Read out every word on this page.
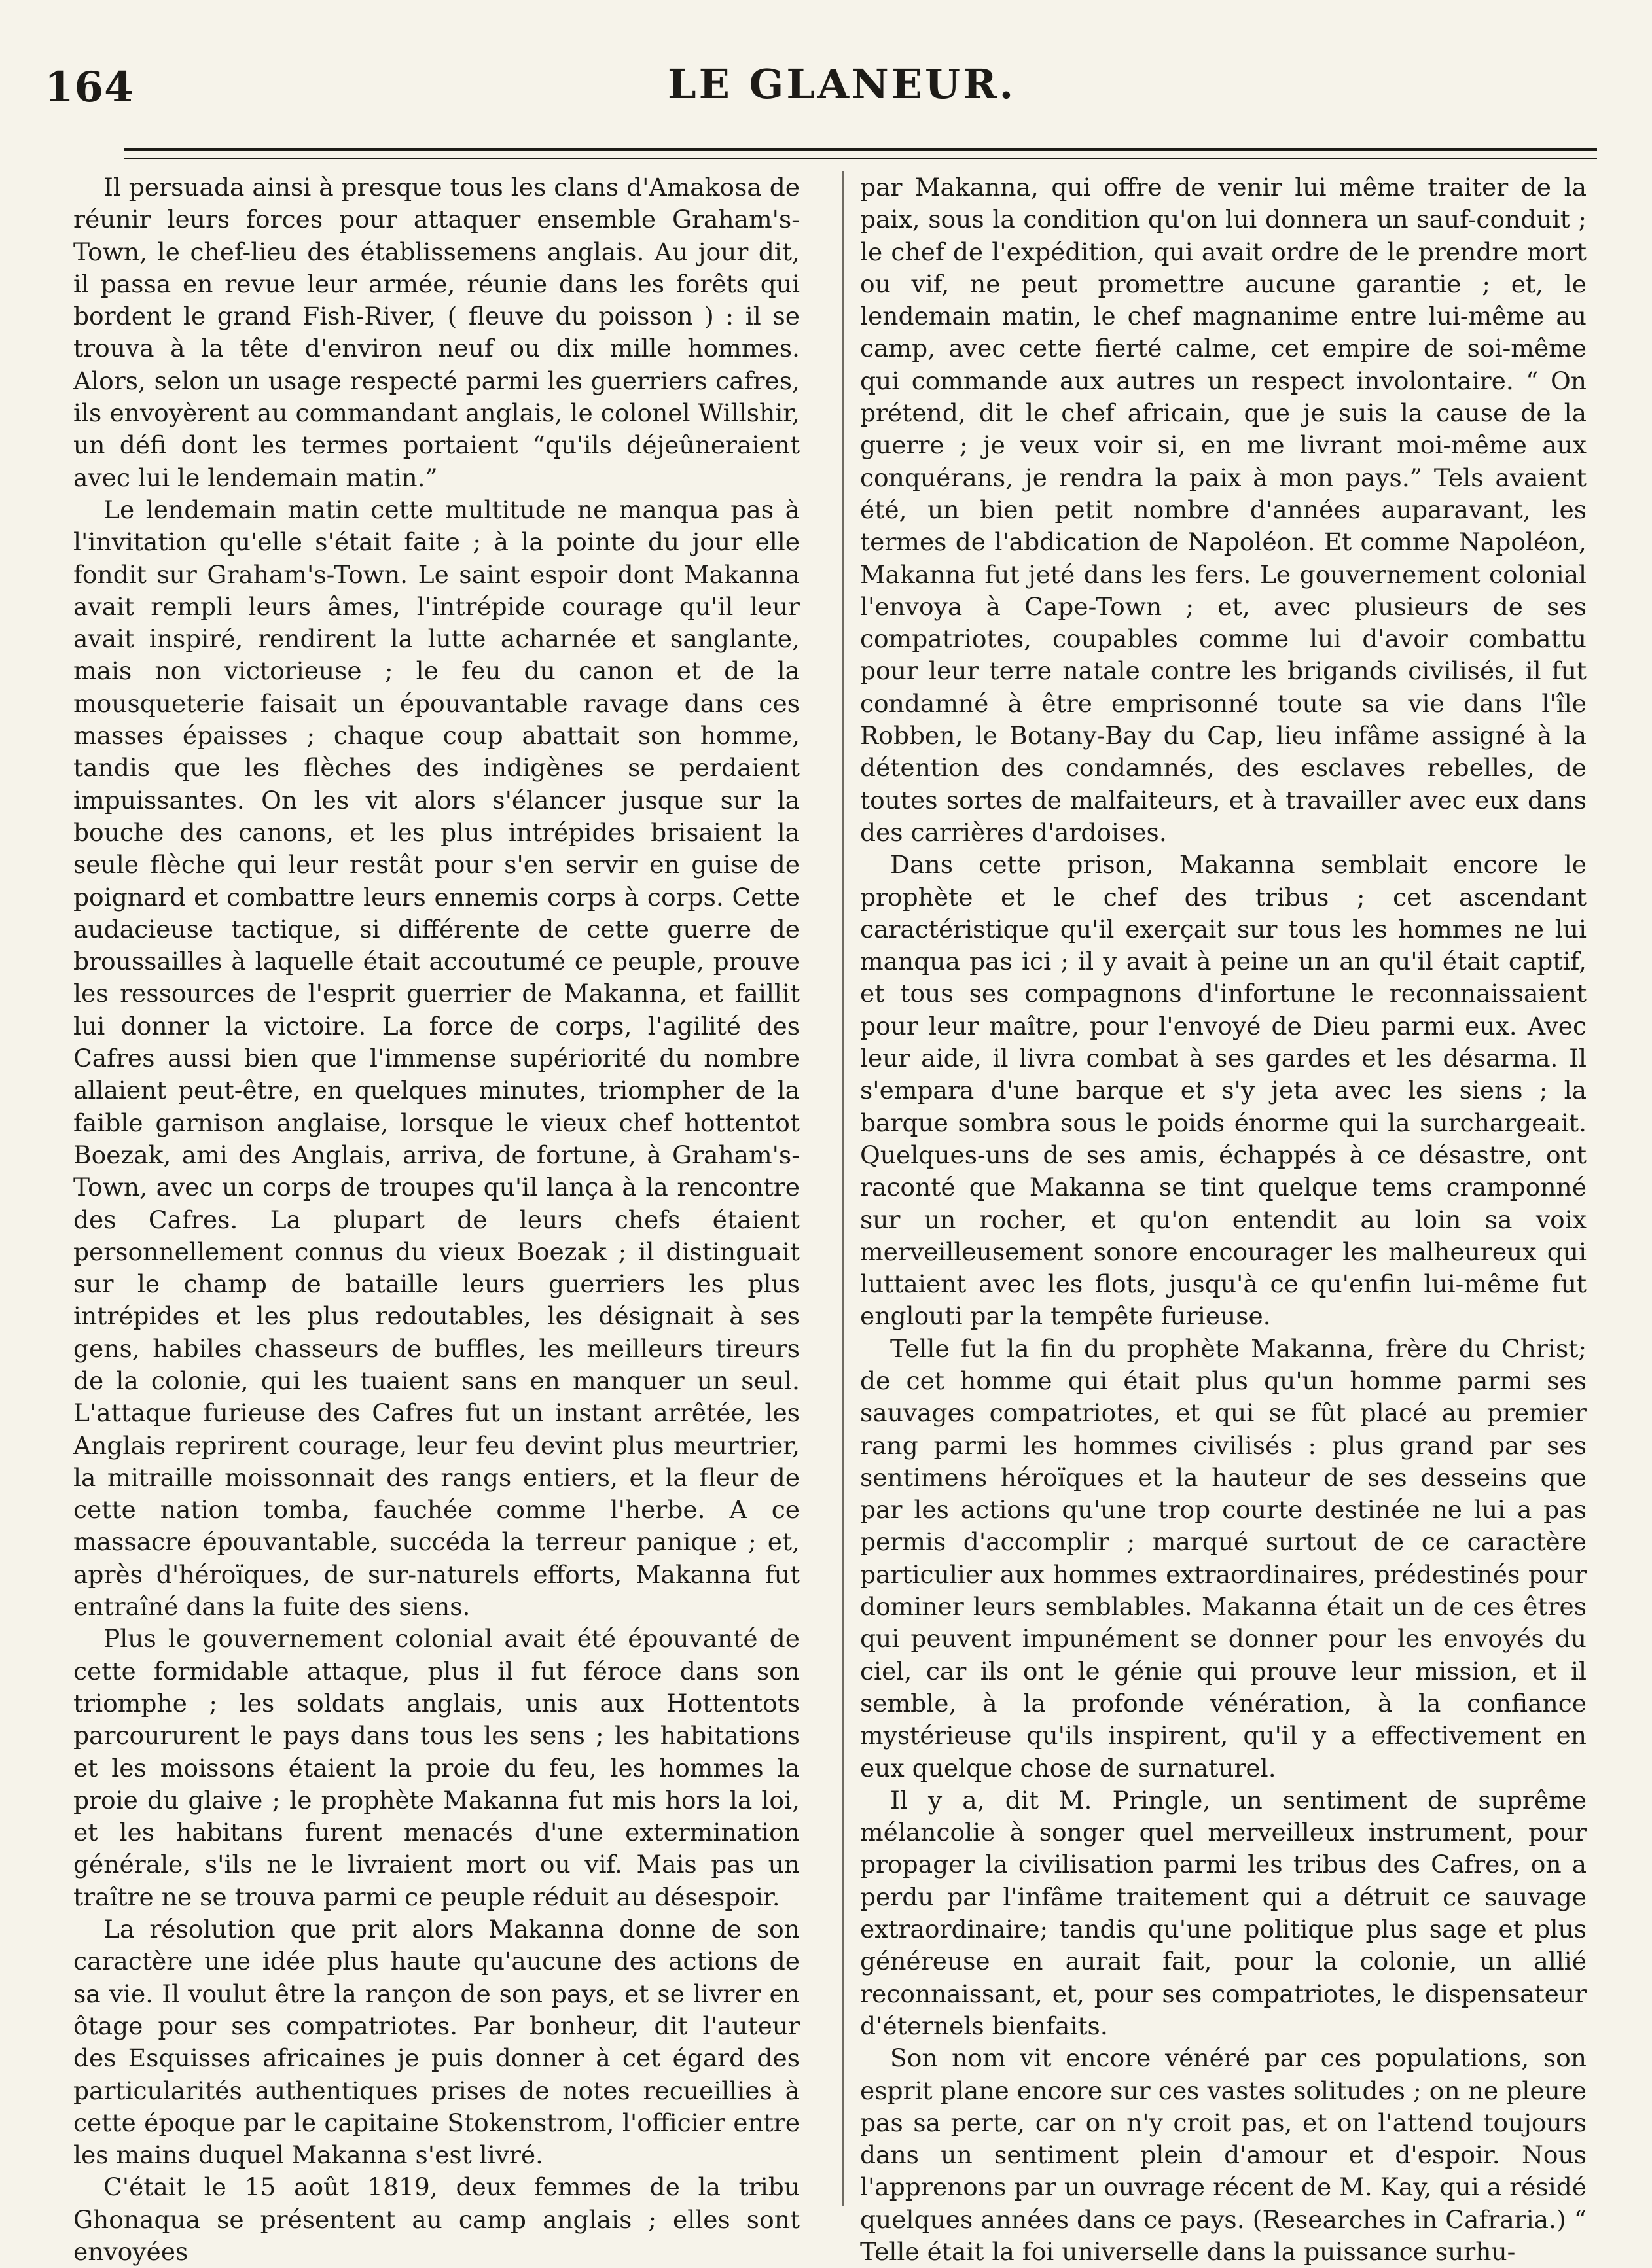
164	LE GLANEUR.

Il persuada ainsi à presque tous les clans d'Amakosa de réunir leurs forces pour attaquer ensemble Graham's-Town, le chef-lieu des établissemens anglais. Au jour dit, il passa en revue leur armée, réunie dans les forêts qui bordent le grand Fish-River, ( fleuve du poisson ) : il se trouva à la tête d'environ neuf ou dix mille hommes. Alors, selon un usage respecté parmi les guerriers cafres, ils envoyèrent au commandant anglais, le colonel Willshir, un défi dont les termes portaient “qu'ils déjeûneraient avec lui le lendemain matin.”

Le lendemain matin cette multitude ne manqua pas à l'invitation qu'elle s'était faite ; à la pointe du jour elle fondit sur Graham's-Town. Le saint espoir dont Makanna avait rempli leurs âmes, l'intrépide courage qu'il leur avait inspiré, rendirent la lutte acharnée et sanglante, mais non victorieuse ; le feu du canon et de la mousqueterie faisait un épouvantable ravage dans ces masses épaisses ; chaque coup abattait son homme, tandis que les flèches des indigènes se perdaient impuissantes. On les vit alors s'élancer jusque sur la bouche des canons, et les plus intrépides brisaient la seule flèche qui leur restât pour s'en servir en guise de poignard et combattre leurs ennemis corps à corps. Cette audacieuse tactique, si différente de cette guerre de broussailles à laquelle était accoutumé ce peuple, prouve les ressources de l'esprit guerrier de Makanna, et faillit lui donner la victoire. La force de corps, l'agilité des Cafres aussi bien que l'immense supériorité du nombre allaient peut-être, en quelques minutes, triompher de la faible garnison anglaise, lorsque le vieux chef hottentot Boezak, ami des Anglais, arriva, de fortune, à Graham's-Town, avec un corps de troupes qu'il lança à la rencontre des Cafres. La plupart de leurs chefs étaient personnellement connus du vieux Boezak ; il distinguait sur le champ de bataille leurs guerriers les plus intrépides et les plus redoutables, les désignait à ses gens, habiles chasseurs de buffles, les meilleurs tireurs de la colonie, qui les tuaient sans en manquer un seul. L'attaque furieuse des Cafres fut un instant arrêtée, les Anglais reprirent courage, leur feu devint plus meurtrier, la mitraille moissonnait des rangs entiers, et la fleur de cette nation tomba, fauchée comme l'herbe. A ce massacre épouvantable, succéda la terreur panique ; et, après d'héroïques, de sur-naturels efforts, Makanna fut entraîné dans la fuite des siens.

Plus le gouvernement colonial avait été épouvanté de cette formidable attaque, plus il fut féroce dans son triomphe ; les soldats anglais, unis aux Hottentots parcoururent le pays dans tous les sens ; les habitations et les moissons étaient la proie du feu, les hommes la proie du glaive ; le prophète Makanna fut mis hors la loi, et les habitans furent menacés d'une extermination générale, s'ils ne le livraient mort ou vif. Mais pas un traître ne se trouva parmi ce peuple réduit au désespoir.

La résolution que prit alors Makanna donne de son caractère une idée plus haute qu'aucune des actions de sa vie. Il voulut être la rançon de son pays, et se livrer en ôtage pour ses compatriotes. Par bonheur, dit l'auteur des Esquisses africaines je puis donner à cet égard des particularités authentiques prises de notes recueillies à cette époque par le capitaine Stokenstrom, l'officier entre les mains duquel Makanna s'est livré.

C'était le 15 août 1819, deux femmes de la tribu Ghonaqua se présentent au camp anglais ; elles sont envoyées

par Makanna, qui offre de venir lui même traiter de la paix, sous la condition qu'on lui donnera un sauf-conduit ; le chef de l'expédition, qui avait ordre de le prendre mort ou vif, ne peut promettre aucune garantie ; et, le lendemain matin, le chef magnanime entre lui-même au camp, avec cette fierté calme, cet empire de soi-même qui commande aux autres un respect involontaire. “ On prétend, dit le chef africain, que je suis la cause de la guerre ; je veux voir si, en me livrant moi-même aux conquérans, je rendra la paix à mon pays.” Tels avaient été, un bien petit nombre d'années auparavant, les termes de l'abdication de Napoléon. Et comme Napoléon, Makanna fut jeté dans les fers. Le gouvernement colonial l'envoya à Cape-Town ; et, avec plusieurs de ses compatriotes, coupables comme lui d'avoir combattu pour leur terre natale contre les brigands civilisés, il fut condamné à être emprisonné toute sa vie dans l'île Robben, le Botany-Bay du Cap, lieu infâme assigné à la détention des condamnés, des esclaves rebelles, de toutes sortes de malfaiteurs, et à travailler avec eux dans des carrières d'ardoises.

Dans cette prison, Makanna semblait encore le prophète et le chef des tribus ; cet ascendant caractéristique qu'il exerçait sur tous les hommes ne lui manqua pas ici ; il y avait à peine un an qu'il était captif, et tous ses compagnons d'infortune le reconnaissaient pour leur maître, pour l'envoyé de Dieu parmi eux. Avec leur aide, il livra combat à ses gardes et les désarma. Il s'empara d'une barque et s'y jeta avec les siens ; la barque sombra sous le poids énorme qui la surchargeait. Quelques-uns de ses amis, échappés à ce désastre, ont raconté que Makanna se tint quelque tems cramponné sur un rocher, et qu'on entendit au loin sa voix merveilleusement sonore encourager les malheureux qui luttaient avec les flots, jusqu'à ce qu'enfin lui-même fut englouti par la tempête furieuse.

Telle fut la fin du prophète Makanna, frère du Christ; de cet homme qui était plus qu'un homme parmi ses sauvages compatriotes, et qui se fût placé au premier rang parmi les hommes civilisés : plus grand par ses sentimens héroïques et la hauteur de ses desseins que par les actions qu'une trop courte destinée ne lui a pas permis d'accomplir ; marqué surtout de ce caractère particulier aux hommes extraordinaires, prédestinés pour dominer leurs semblables. Makanna était un de ces êtres qui peuvent impunément se donner pour les envoyés du ciel, car ils ont le génie qui prouve leur mission, et il semble, à la profonde vénération, à la confiance mystérieuse qu'ils inspirent, qu'il y a effectivement en eux quelque chose de surnaturel.

Il y a, dit M. Pringle, un sentiment de suprême mélancolie à songer quel merveilleux instrument, pour propager la civilisation parmi les tribus des Cafres, on a perdu par l'infâme traitement qui a détruit ce sauvage extraordinaire; tandis qu'une politique plus sage et plus généreuse en aurait fait, pour la colonie, un allié reconnaissant, et, pour ses compatriotes, le dispensateur d'éternels bienfaits.

Son nom vit encore vénéré par ces populations, son esprit plane encore sur ces vastes solitudes ; on ne pleure pas sa perte, car on n'y croit pas, et on l'attend toujours dans un sentiment plein d'amour et d'espoir. Nous l'apprenons par un ouvrage récent de M. Kay, qui a résidé quelques années dans ce pays. (Researches in Cafraria.) “ Telle était la foi universelle dans la puissance surhu-
